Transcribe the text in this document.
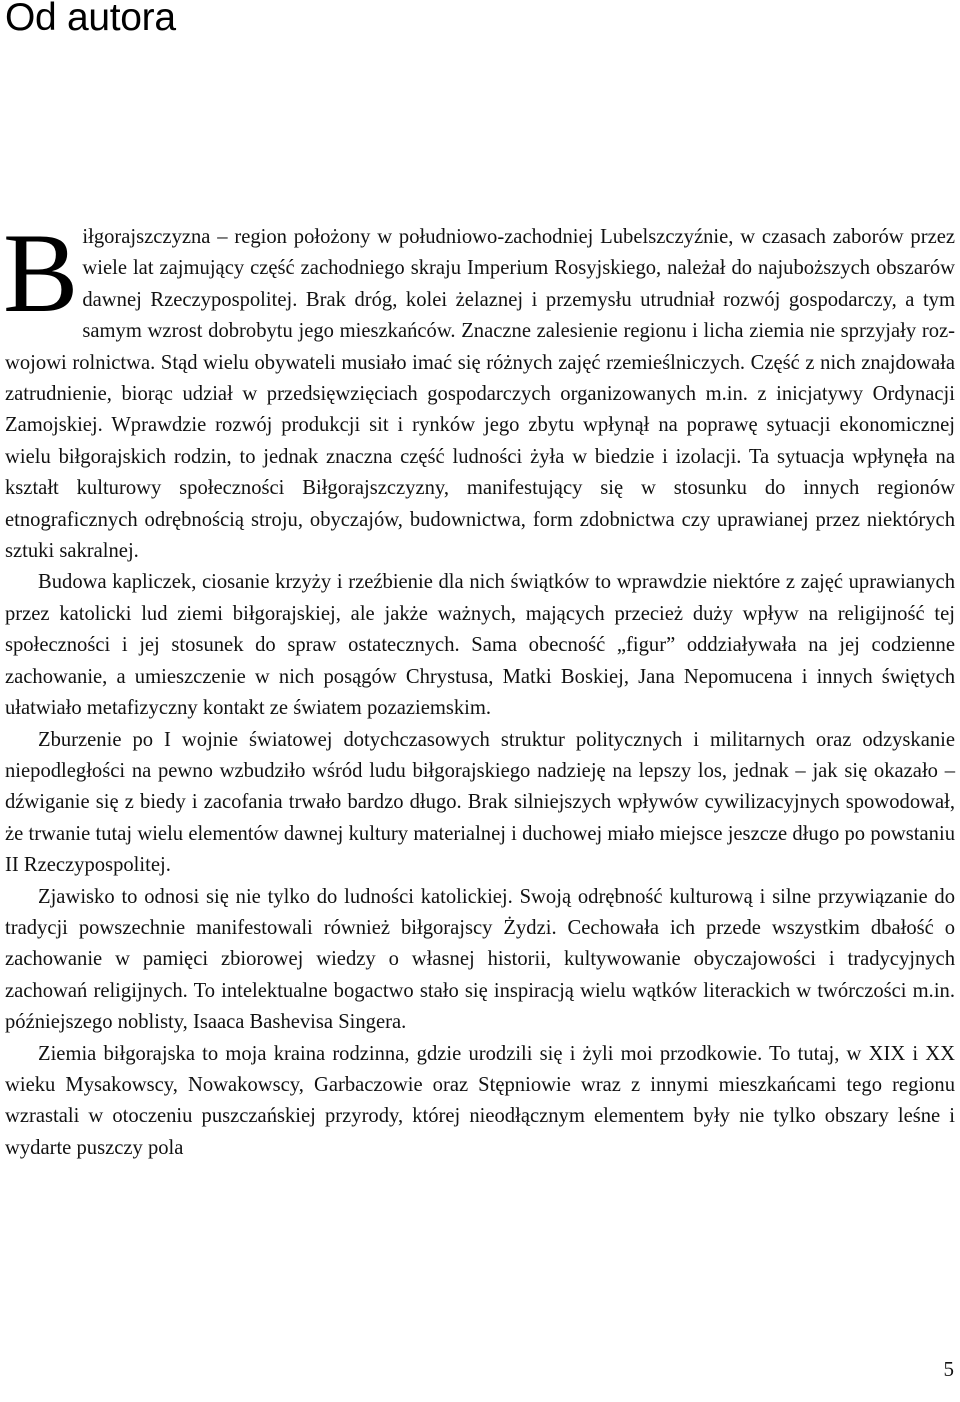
Od autora

Biłgorajszczyzna – region położony w południowo-zachodniej Lubelszczyźnie, w czasach zaborów przez wiele lat zajmujący część zachodniego skraju Imperium Rosyjskiego, należał do najuboższych obszarów dawnej Rzeczypospolitej. Brak dróg, kolei żelaznej i przemysłu utrudniał rozwój gospodarczy, a tym samym wzrost dobrobytu jego mieszkańców. Znaczne zalesienie regionu i licha ziemia nie sprzyjały rozwojowi rolnictwa. Stąd wielu obywateli musiało imać się różnych zajęć rzemieślniczych. Część z nich znajdowała zatrudnienie, biorąc udział w przedsięwzięciach gospodarczych organizowanych m.in. z inicjatywy Ordynacji Zamojskiej. Wprawdzie rozwój produkcji sit i rynków jego zbytu wpłynął na poprawę sytuacji ekonomicznej wielu biłgorajskich rodzin, to jednak znaczna część ludności żyła w biedzie i izolacji. Ta sytuacja wpłynęła na kształt kulturowy społeczności Biłgorajszczyzny, manifestujący się w stosunku do innych regionów etnograficznych odrębnością stroju, obyczajów, budownictwa, form zdobnictwa czy uprawianej przez niektórych sztuki sakralnej.

Budowa kapliczek, ciosanie krzyży i rzeźbienie dla nich świątków to wprawdzie niektóre z zajęć uprawianych przez katolicki lud ziemi biłgorajskiej, ale jakże ważnych, mających przecież duży wpływ na religijność tej społeczności i jej stosunek do spraw ostatecznych. Sama obecność „figur” oddziaływała na jej codzienne zachowanie, a umieszczenie w nich posągów Chrystusa, Matki Boskiej, Jana Nepomucena i innych świętych ułatwiało metafizyczny kontakt ze światem pozaziemskim.

Zburzenie po I wojnie światowej dotychczasowych struktur politycznych i militarnych oraz odzyskanie niepodległości na pewno wzbudziło wśród ludu biłgorajskiego nadzieję na lepszy los, jednak – jak się okazało – dźwiganie się z biedy i zacofania trwało bardzo długo. Brak silniejszych wpływów cywilizacyjnych spowodował, że trwanie tutaj wielu elementów dawnej kultury materialnej i duchowej miało miejsce jeszcze długo po powstaniu II Rzeczypospolitej.

Zjawisko to odnosi się nie tylko do ludności katolickiej. Swoją odrębność kulturową i silne przywiązanie do tradycji powszechnie manifestowali również biłgorajscy Żydzi. Cechowała ich przede wszystkim dbałość o zachowanie w pamięci zbiorowej wiedzy o własnej historii, kultywowanie obyczajowości i tradycyjnych zachowań religijnych. To intelektualne bogactwo stało się inspiracją wielu wątków literackich w twórczości m.in. późniejszego noblisty, Isaaca Bashevisa Singera.

Ziemia biłgorajska to moja kraina rodzinna, gdzie urodzili się i żyli moi przodkowie. To tutaj, w XIX i XX wieku Mysakowscy, Nowakowscy, Garbaczowie oraz Stępniowie wraz z innymi mieszkańcami tego regionu wzrastali w otoczeniu puszczańskiej przyrody, której nieodłącznym elementem były nie tylko obszary leśne i wydarte puszczy pola

5
